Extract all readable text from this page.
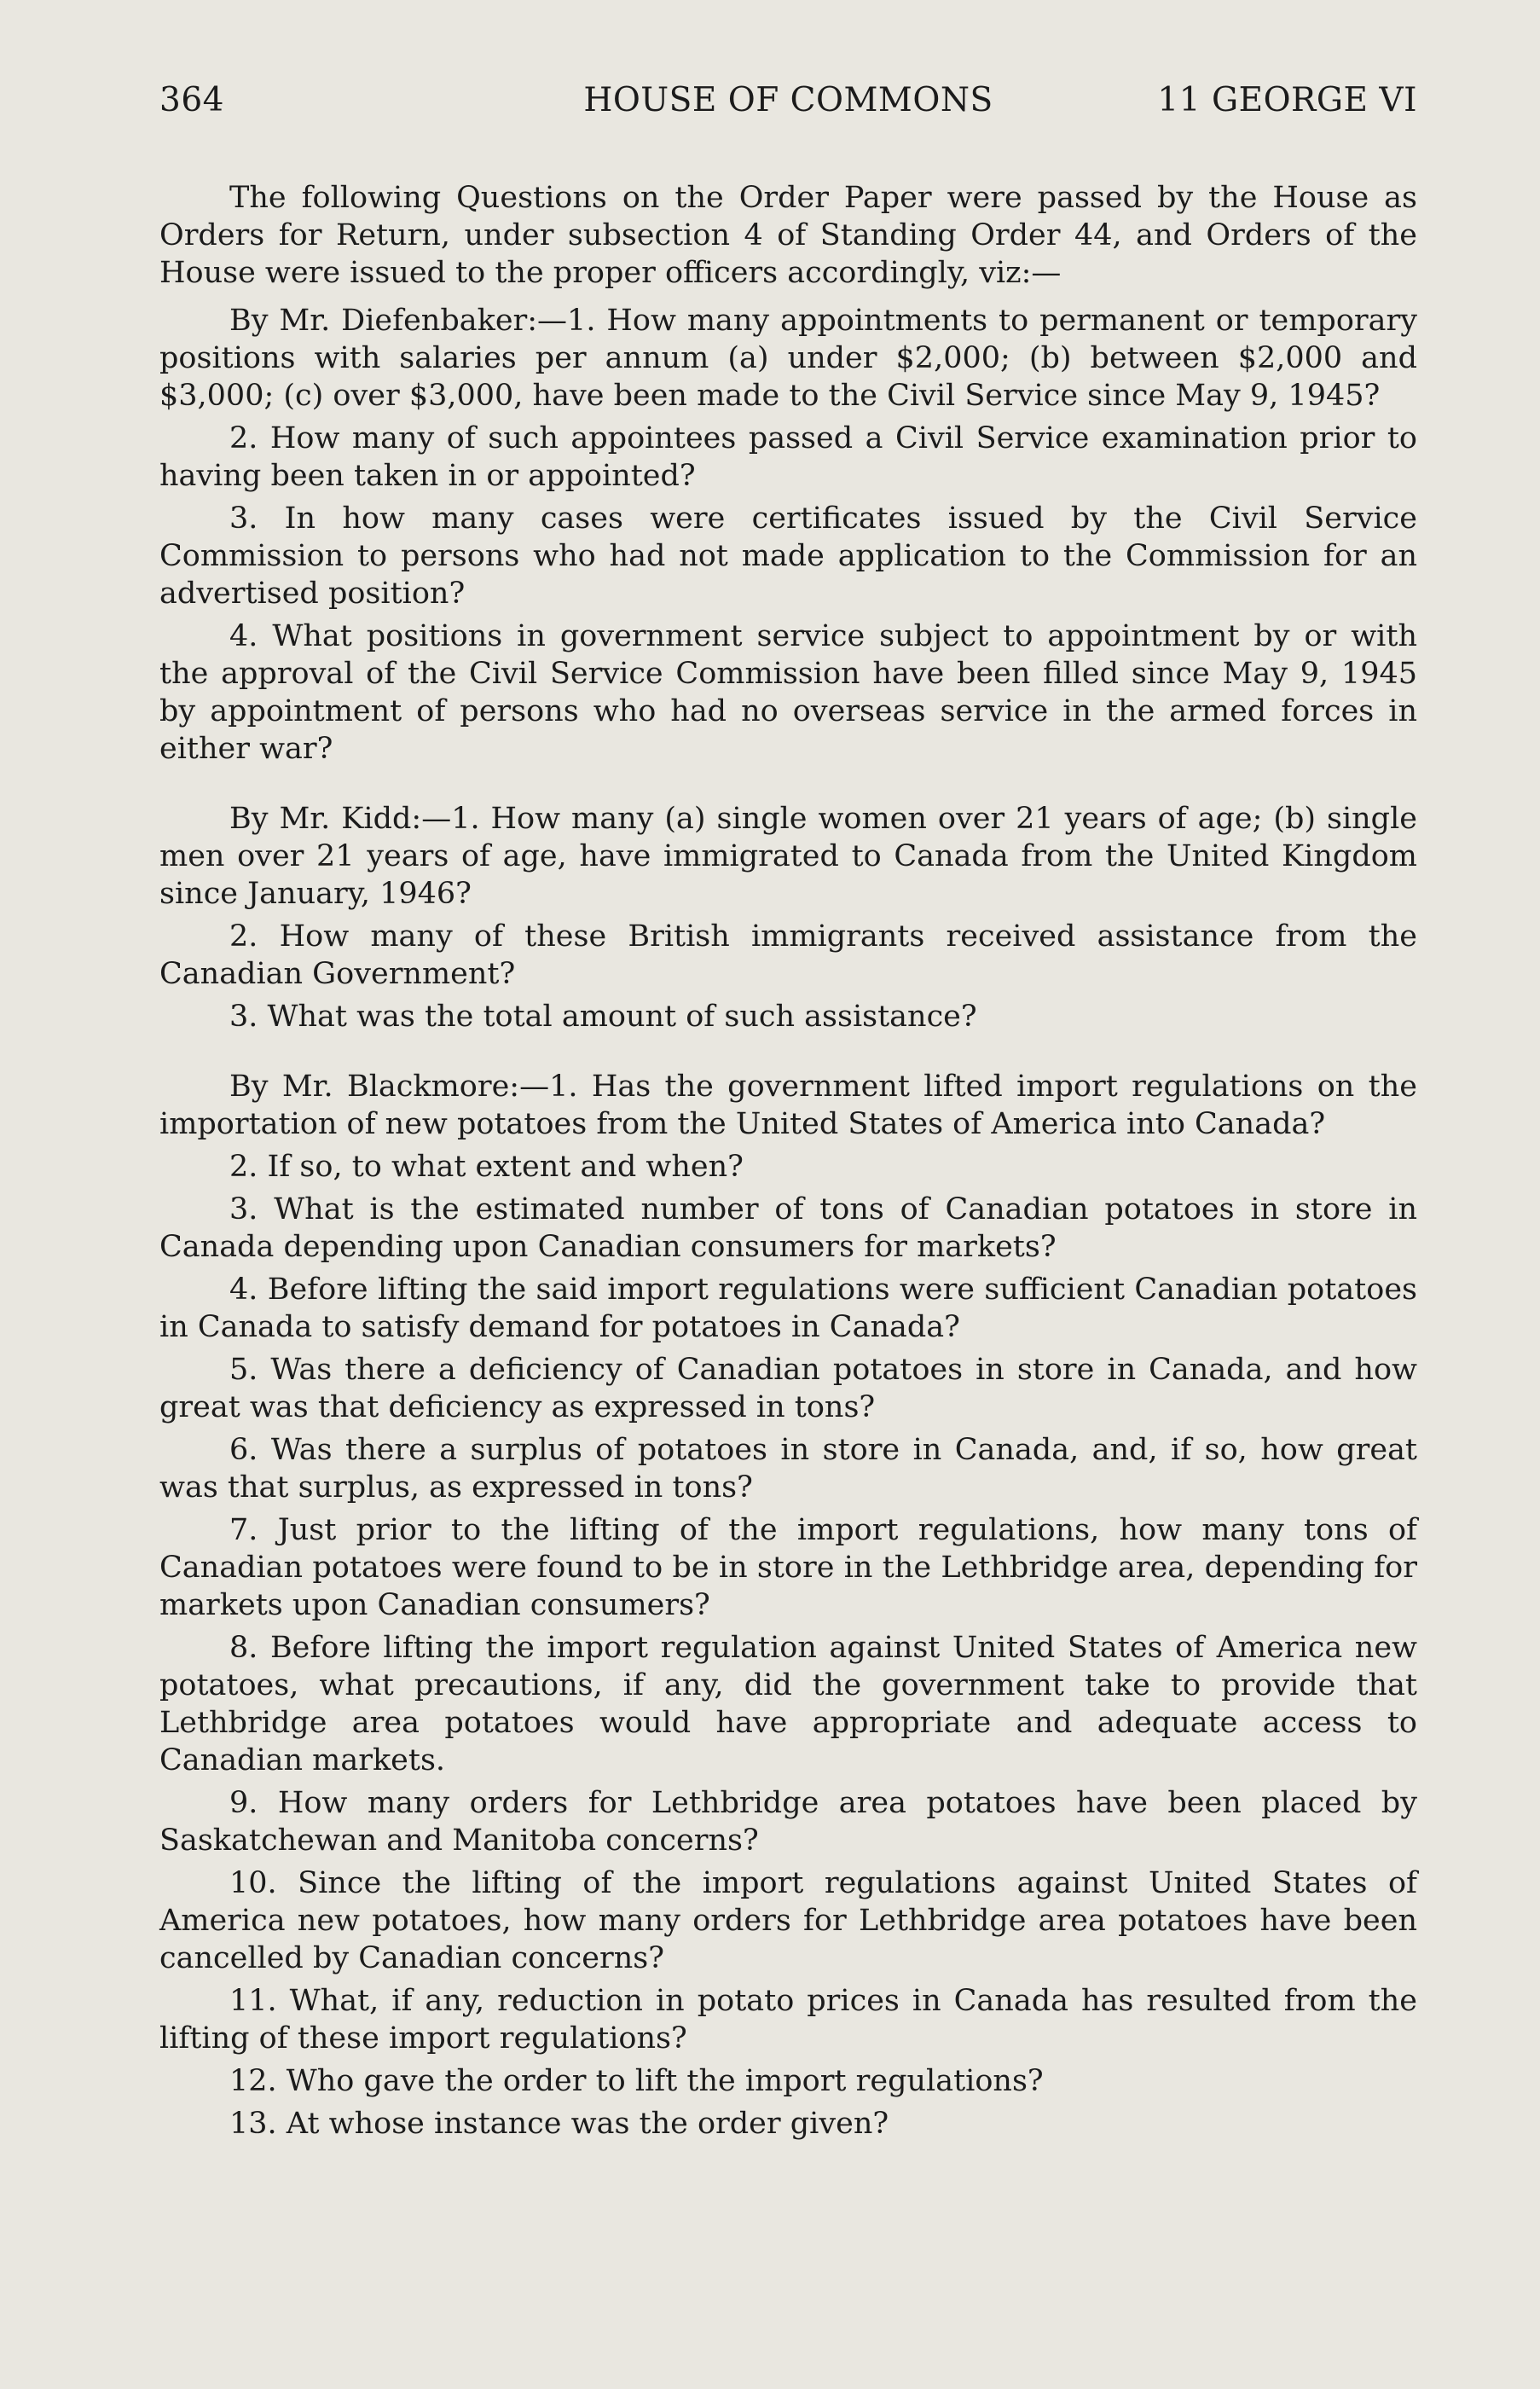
364	HOUSE OF COMMONS	11 GEORGE VI

The following Questions on the Order Paper were passed by the House as Orders for Return, under subsection 4 of Standing Order 44, and Orders of the House were issued to the proper officers accordingly, viz:—

By Mr. Diefenbaker:—1. How many appointments to permanent or temporary positions with salaries per annum (a) under $2,000; (b) between $2,000 and $3,000; (c) over $3,000, have been made to the Civil Service since May 9, 1945?

2. How many of such appointees passed a Civil Service examination prior to having been taken in or appointed?

3. In how many cases were certificates issued by the Civil Service Commission to persons who had not made application to the Commission for an advertised position?

4. What positions in government service subject to appointment by or with the approval of the Civil Service Commission have been filled since May 9, 1945 by appointment of persons who had no overseas service in the armed forces in either war?

By Mr. Kidd:—1. How many (a) single women over 21 years of age; (b) single men over 21 years of age, have immigrated to Canada from the United Kingdom since January, 1946?

2. How many of these British immigrants received assistance from the Canadian Government?

3. What was the total amount of such assistance?

By Mr. Blackmore:—1. Has the government lifted import regulations on the importation of new potatoes from the United States of America into Canada?

2. If so, to what extent and when?

3. What is the estimated number of tons of Canadian potatoes in store in Canada depending upon Canadian consumers for markets?

4. Before lifting the said import regulations were sufficient Canadian potatoes in Canada to satisfy demand for potatoes in Canada?

5. Was there a deficiency of Canadian potatoes in store in Canada, and how great was that deficiency as expressed in tons?

6. Was there a surplus of potatoes in store in Canada, and, if so, how great was that surplus, as expressed in tons?

7. Just prior to the lifting of the import regulations, how many tons of Canadian potatoes were found to be in store in the Lethbridge area, depending for markets upon Canadian consumers?

8. Before lifting the import regulation against United States of America new potatoes, what precautions, if any, did the government take to provide that Lethbridge area potatoes would have appropriate and adequate access to Canadian markets.

9. How many orders for Lethbridge area potatoes have been placed by Saskatchewan and Manitoba concerns?

10. Since the lifting of the import regulations against United States of America new potatoes, how many orders for Lethbridge area potatoes have been cancelled by Canadian concerns?

11. What, if any, reduction in potato prices in Canada has resulted from the lifting of these import regulations?

12. Who gave the order to lift the import regulations?

13. At whose instance was the order given?
